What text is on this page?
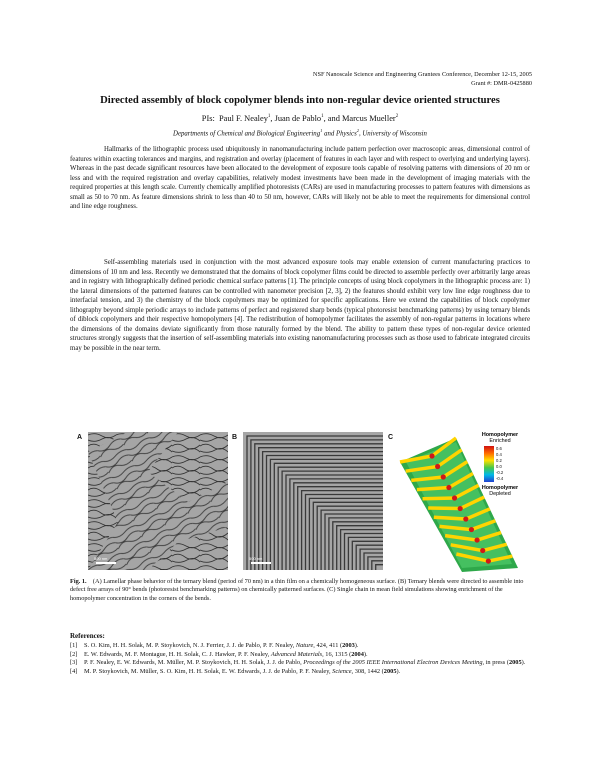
NSF Nanoscale Science and Engineering Grantees Conference, December 12-15, 2005
Grant #: DMR-0425880
Directed assembly of block copolymer blends into non-regular device oriented structures
PIs: Paul F. Nealey$^1$, Juan de Pablo$^1$, and Marcus Mueller$^2$
Departments of Chemical and Biological Engineering$^1$ and Physics$^2$, University of Wisconsin

Hallmarks of the lithographic process used ubiquitously in nanomanufacturing include pattern perfection over macroscopic areas, dimensional control of features within exacting tolerances and margins, and registration and overlay (placement of features in each layer and with respect to overlying and underlying layers). Whereas in the past decade significant resources have been allocated to the development of exposure tools capable of resolving patterns with dimensions of 20 nm or less and with the required registration and overlay capabilities, relatively modest investments have been made in the development of imaging materials with the required properties at this length scale. Currently chemically amplified photoresists (CARs) are used in manufacturing processes to pattern features with dimensions as small as 50 to 70 nm. As feature dimensions shrink to less than 40 to 50 nm, however, CARs will likely not be able to meet the requirements for dimensional control and line edge roughness.

Self-assembling materials used in conjunction with the most advanced exposure tools may enable extension of current manufacturing practices to dimensions of 10 nm and less. Recently we demonstrated that the domains of block copolymer films could be directed to assemble perfectly over arbitrarily large areas and in registry with lithographically defined periodic chemical surface patterns [1]. The principle concepts of using block copolymers in the lithographic process are: 1) the lateral dimensions of the patterned features can be controlled with nanometer precision [2, 3], 2) the features should exhibit very low line edge roughness due to interfacial tension, and 3) the chemistry of the block copolymers may be optimized for specific applications. Here we extend the capabilities of block copolymer lithography beyond simple periodic arrays to include patterns of perfect and registered sharp bends (typical photoresist benchmarking patterns) by using ternary blends of diblock copolymers and their respective homopolymers [4]. The redistribution of homopolymer facilitates the assembly of non-regular patterns in locations where the dimensions of the domains deviate significantly from those naturally formed by the blend. The ability to pattern these types of non-regular device oriented structures strongly suggests that the insertion of self-assembling materials into existing nanomanufacturing processes such as those used to fabricate integrated circuits may be possible in the near term.

A	B	C
500 nm	500 nm
Homopolymer
Enriched
0.6
0.4
0.2
0.0
-0.2
-0.4
Homopolymer
Depleted

Fig. 1. (A) Lamellar phase behavior of the ternary blend (period of 70 nm) in a thin film on a chemically homogeneous surface. (B) Ternary blends were directed to assemble into defect free arrays of 90° bends (photoresist benchmarking patterns) on chemically patterned surfaces. (C) Single chain in mean field simulations showing enrichment of the homopolymer concentration in the corners of the bends.

References:
[1] S. O. Kim, H. H. Solak, M. P. Stoykovich, N. J. Ferrier, J. J. de Pablo, P. F. Nealey, Nature, 424, 411 (2003).
[2] E. W. Edwards, M. F. Montague, H. H. Solak, C. J. Hawker, P. F. Nealey, Advanced Materials, 16, 1315 (2004).
[3] P. F. Nealey, E. W. Edwards, M. Müller, M. P. Stoykovich, H. H. Solak, J. J. de Pablo, Proceedings of the 2005 IEEE International Electron Devices Meeting, in press (2005).
[4] M. P. Stoykovich, M. Müller, S. O. Kim, H. H. Solak, E. W. Edwards, J. J. de Pablo, P. F. Nealey, Science, 308, 1442 (2005).
